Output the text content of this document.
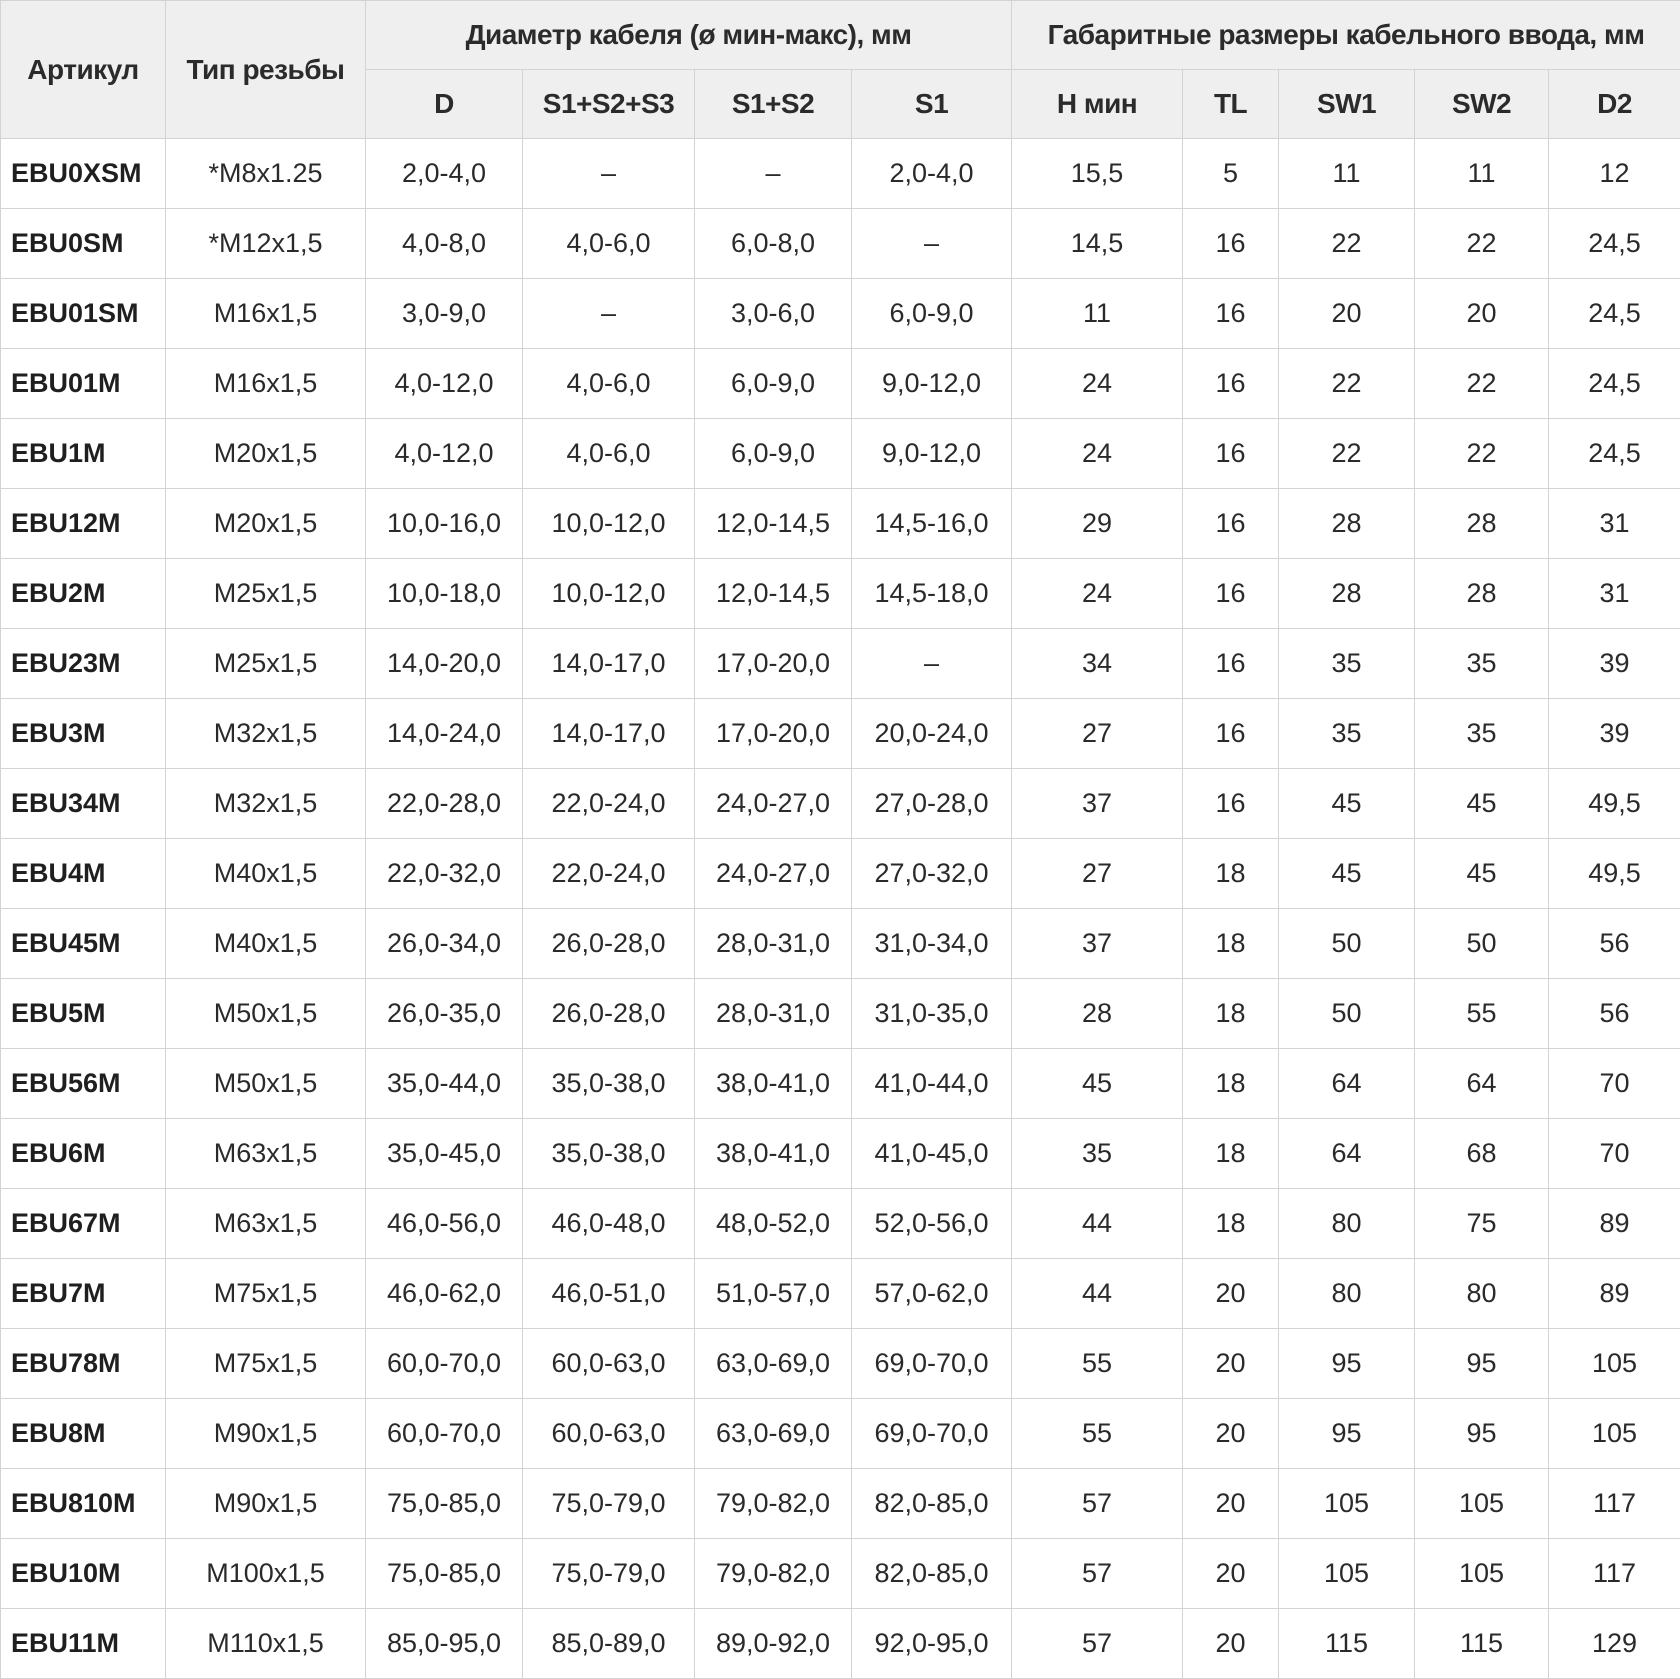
Артикул	Тип резьбы	Диаметр кабеля (ø мин-макс), мм				Габаритные размеры кабельного ввода, мм				
		D	S1+S2+S3	S1+S2	S1	H мин	TL	SW1	SW2	D2
EBU0XSM	*M8x1.25	2,0-4,0	–	–	2,0-4,0	15,5	5	11	11	12
EBU0SM	*M12x1,5	4,0-8,0	4,0-6,0	6,0-8,0	–	14,5	16	22	22	24,5
EBU01SM	M16x1,5	3,0-9,0	–	3,0-6,0	6,0-9,0	11	16	20	20	24,5
EBU01M	M16x1,5	4,0-12,0	4,0-6,0	6,0-9,0	9,0-12,0	24	16	22	22	24,5
EBU1M	M20x1,5	4,0-12,0	4,0-6,0	6,0-9,0	9,0-12,0	24	16	22	22	24,5
EBU12M	M20x1,5	10,0-16,0	10,0-12,0	12,0-14,5	14,5-16,0	29	16	28	28	31
EBU2M	M25x1,5	10,0-18,0	10,0-12,0	12,0-14,5	14,5-18,0	24	16	28	28	31
EBU23M	M25x1,5	14,0-20,0	14,0-17,0	17,0-20,0	–	34	16	35	35	39
EBU3M	M32x1,5	14,0-24,0	14,0-17,0	17,0-20,0	20,0-24,0	27	16	35	35	39
EBU34M	M32x1,5	22,0-28,0	22,0-24,0	24,0-27,0	27,0-28,0	37	16	45	45	49,5
EBU4M	M40x1,5	22,0-32,0	22,0-24,0	24,0-27,0	27,0-32,0	27	18	45	45	49,5
EBU45M	M40x1,5	26,0-34,0	26,0-28,0	28,0-31,0	31,0-34,0	37	18	50	50	56
EBU5M	M50x1,5	26,0-35,0	26,0-28,0	28,0-31,0	31,0-35,0	28	18	50	55	56
EBU56M	M50x1,5	35,0-44,0	35,0-38,0	38,0-41,0	41,0-44,0	45	18	64	64	70
EBU6M	M63x1,5	35,0-45,0	35,0-38,0	38,0-41,0	41,0-45,0	35	18	64	68	70
EBU67M	M63x1,5	46,0-56,0	46,0-48,0	48,0-52,0	52,0-56,0	44	18	80	75	89
EBU7M	M75x1,5	46,0-62,0	46,0-51,0	51,0-57,0	57,0-62,0	44	20	80	80	89
EBU78M	M75x1,5	60,0-70,0	60,0-63,0	63,0-69,0	69,0-70,0	55	20	95	95	105
EBU8M	M90x1,5	60,0-70,0	60,0-63,0	63,0-69,0	69,0-70,0	55	20	95	95	105
EBU810M	M90x1,5	75,0-85,0	75,0-79,0	79,0-82,0	82,0-85,0	57	20	105	105	117
EBU10M	M100x1,5	75,0-85,0	75,0-79,0	79,0-82,0	82,0-85,0	57	20	105	105	117
EBU11M	M110x1,5	85,0-95,0	85,0-89,0	89,0-92,0	92,0-95,0	57	20	115	115	129
